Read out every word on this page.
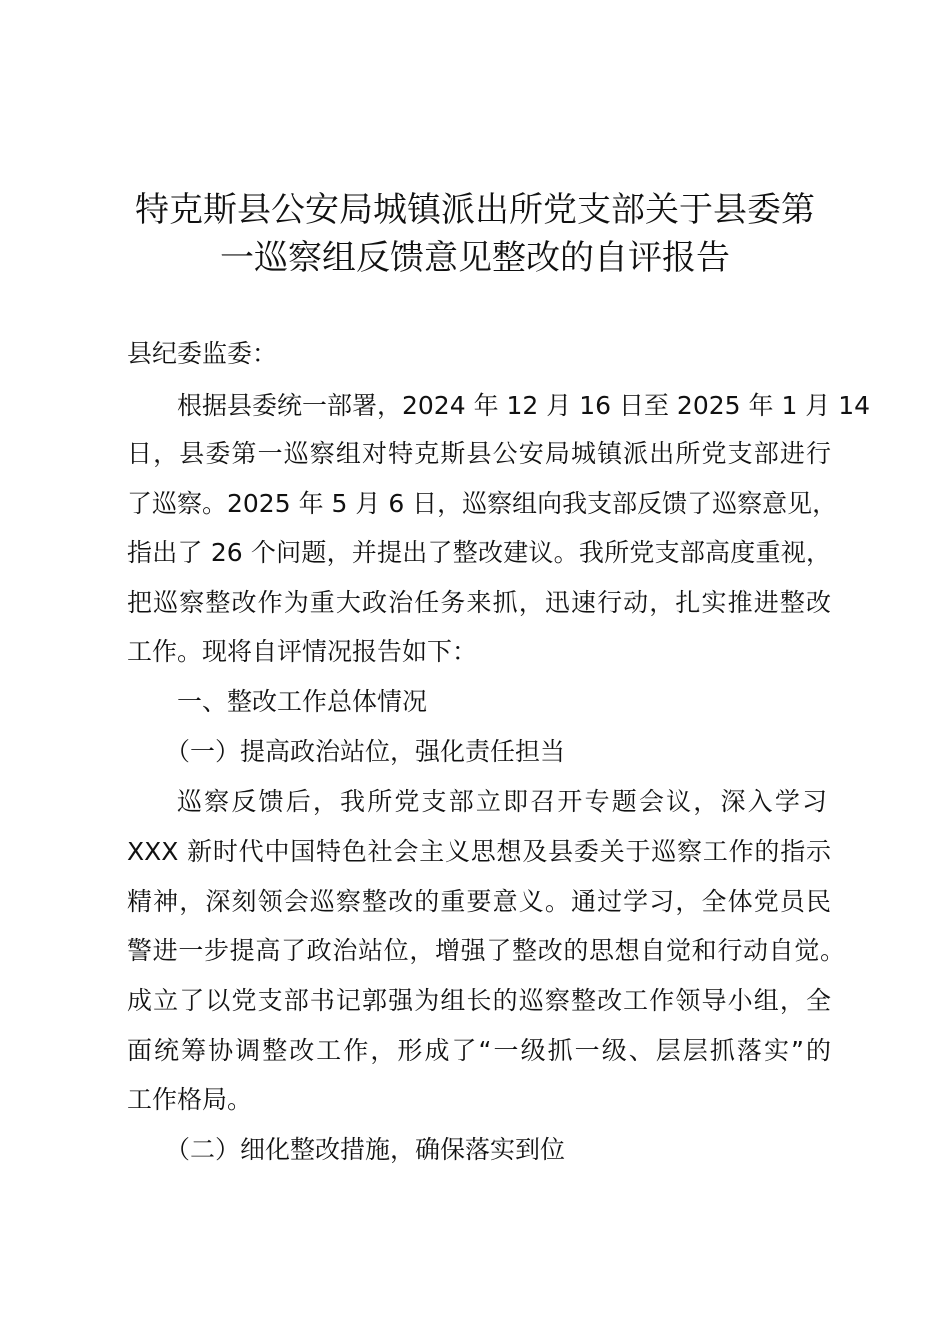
特克斯县公安局城镇派出所党支部关于县委第
一巡察组反馈意见整改的自评报告

县纪委监委：

根据县委统一部署，2024 年 12 月 16 日至 2025 年 1 月 14

日，县委第一巡察组对特克斯县公安局城镇派出所党支部进行

了巡察。2025 年 5 月 6 日，巡察组向我支部反馈了巡察意见，

指出了 26 个问题，并提出了整改建议。我所党支部高度重视，

把巡察整改作为重大政治任务来抓，迅速行动，扎实推进整改

工作。现将自评情况报告如下：

一、整改工作总体情况

（一）提高政治站位，强化责任担当

巡察反馈后，我所党支部立即召开专题会议，深入学习

XXX 新时代中国特色社会主义思想及县委关于巡察工作的指示

精神，深刻领会巡察整改的重要意义。通过学习，全体党员民

警进一步提高了政治站位，增强了整改的思想自觉和行动自觉。

成立了以党支部书记郭强为组长的巡察整改工作领导小组，全

面统筹协调整改工作，形成了“一级抓一级、层层抓落实”的

工作格局。

（二）细化整改措施，确保落实到位
